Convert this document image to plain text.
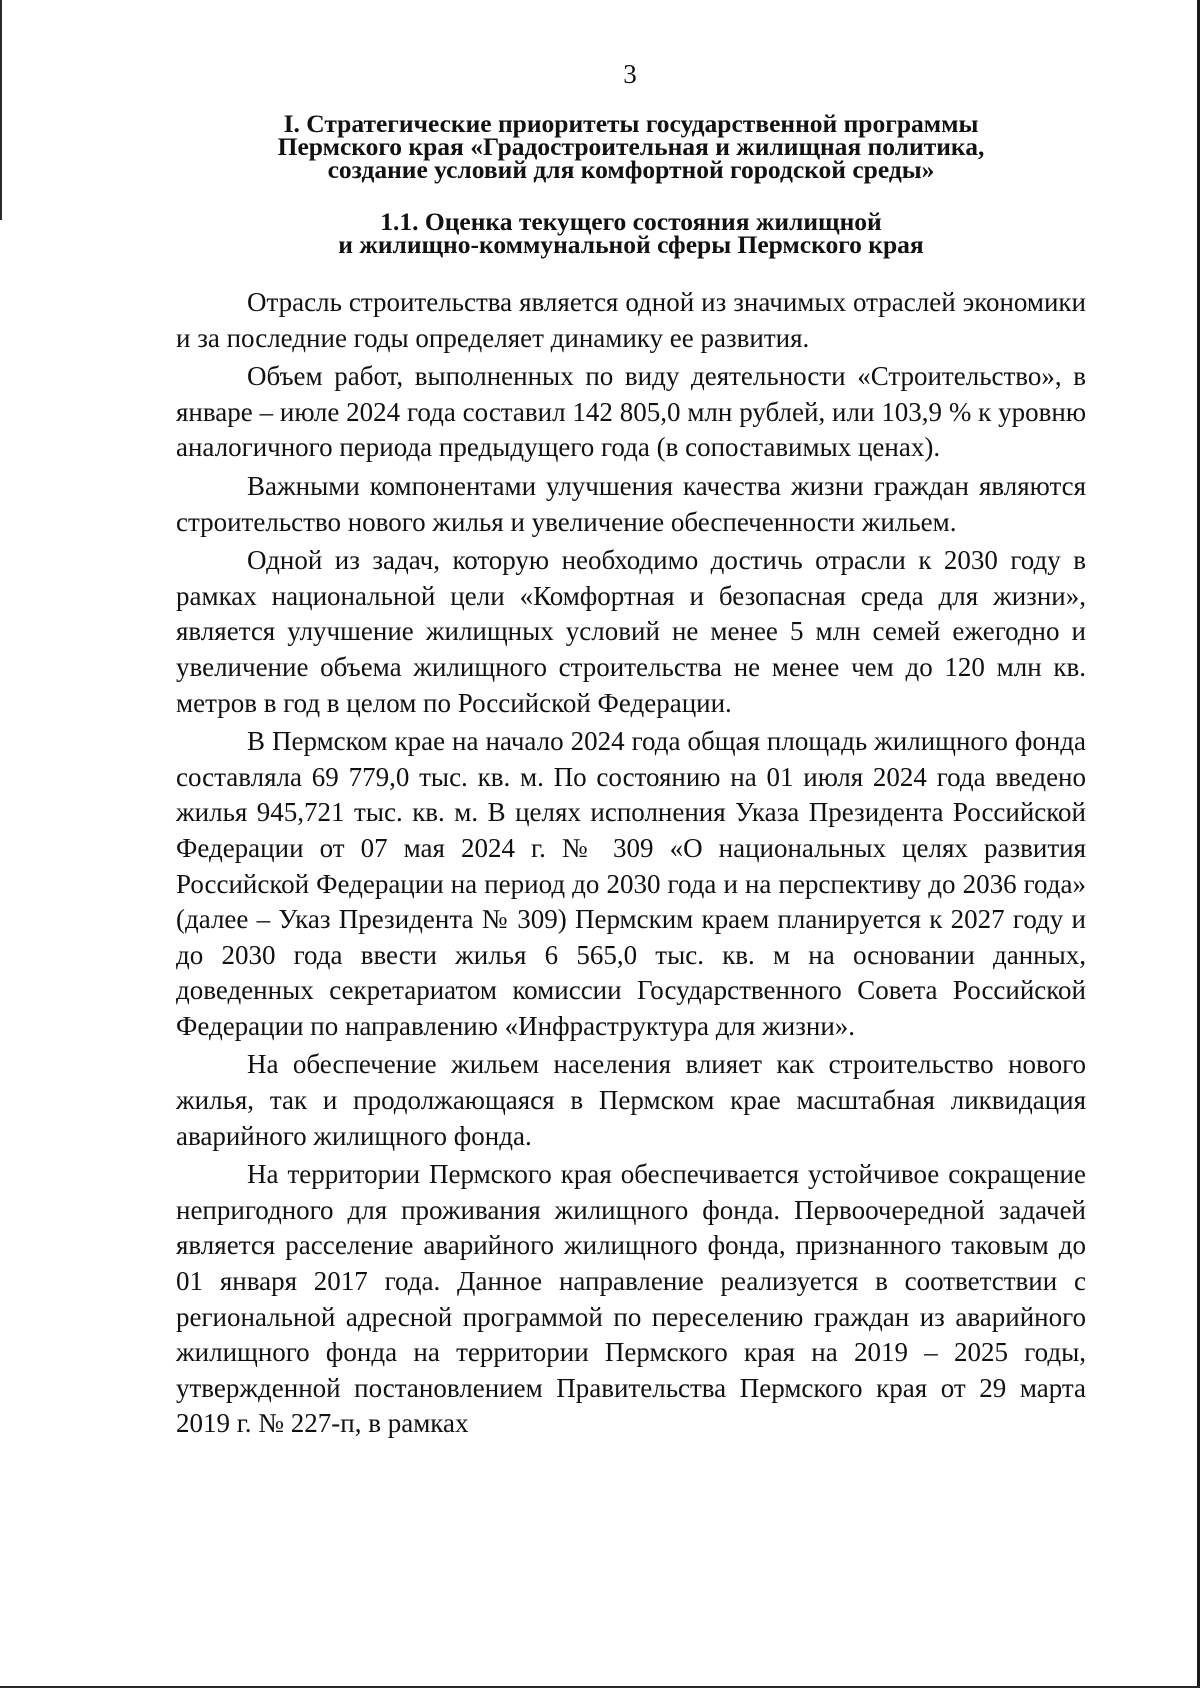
3
I. Стратегические приоритеты государственной программы
Пермского края «Градостроительная и жилищная политика,
создание условий для комфортной городской среды»
1.1. Оценка текущего состояния жилищной
и жилищно-коммунальной сферы Пермского края

Отрасль строительства является одной из значимых отраслей экономики и за последние годы определяет динамику ее развития.

Объем работ, выполненных по виду деятельности «Строительство», в январе – июле 2024 года составил 142 805,0 млн рублей, или 103,9 % к уровню аналогичного периода предыдущего года (в сопоставимых ценах).

Важными компонентами улучшения качества жизни граждан являются строительство нового жилья и увеличение обеспеченности жильем.

Одной из задач, которую необходимо достичь отрасли к 2030 году в рамках национальной цели «Комфортная и безопасная среда для жизни», является улучшение жилищных условий не менее 5 млн семей ежегодно и увеличение объема жилищного строительства не менее чем до 120 млн кв. метров в год в целом по Российской Федерации.

В Пермском крае на начало 2024 года общая площадь жилищного фонда составляла 69 779,0 тыс. кв. м. По состоянию на 01 июля 2024 года введено жилья 945,721 тыс. кв. м. В целях исполнения Указа Президента Российской Федерации от 07 мая 2024 г. № 309 «О национальных целях развития Российской Федерации на период до 2030 года и на перспективу до 2036 года» (далее – Указ Президента № 309) Пермским краем планируется к 2027 году и до 2030 года ввести жилья 6 565,0 тыс. кв. м на основании данных, доведенных секретариатом комиссии Государственного Совета Российской Федерации по направлению «Инфраструктура для жизни».

На обеспечение жильем населения влияет как строительство нового жилья, так и продолжающаяся в Пермском крае масштабная ликвидация аварийного жилищного фонда.

На территории Пермского края обеспечивается устойчивое сокращение непригодного для проживания жилищного фонда. Первоочередной задачей является расселение аварийного жилищного фонда, признанного таковым до 01 января 2017 года. Данное направление реализуется в соответствии с региональной адресной программой по переселению граждан из аварийного жилищного фонда на территории Пермского края на 2019 – 2025 годы, утвержденной постановлением Правительства Пермского края от 29 марта 2019 г. № 227-п, в рамках
